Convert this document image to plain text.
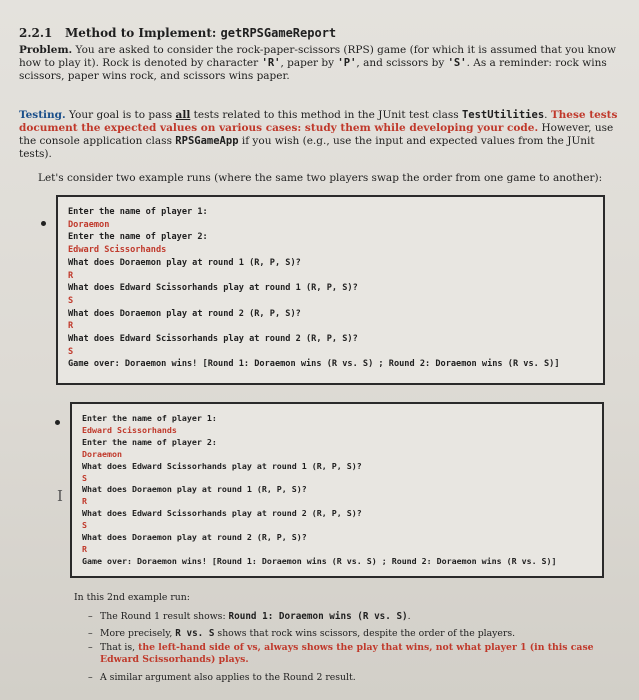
2.2.1 Method to Implement: getRPSGameReport
Problem. You are asked to consider the rock-paper-scissors (RPS) game (for which it is assumed that you know how to play it). Rock is denoted by character 'R', paper by 'P', and scissors by 'S'. As a reminder: rock wins scissors, paper wins rock, and scissors wins paper.
Testing. Your goal is to pass all tests related to this method in the JUnit test class TestUtilities. These tests document the expected values on various cases: study them while developing your code. However, use the console application class RPSGameApp if you wish (e.g., use the input and expected values from the JUnit tests).
Let's consider two example runs (where the same two players swap the order from one game to another):
Enter the name of player 1:
Doraemon
Enter the name of player 2:
Edward Scissorhands
What does Doraemon play at round 1 (R, P, S)?
R
What does Edward Scissorhands play at round 1 (R, P, S)?
S
What does Doraemon play at round 2 (R, P, S)?
R
What does Edward Scissorhands play at round 2 (R, P, S)?
S
Game over: Doraemon wins! [Round 1: Doraemon wins (R vs. S) ; Round 2: Doraemon wins (R vs. S)]
Enter the name of player 1:
Edward Scissorhands
Enter the name of player 2:
Doraemon
What does Edward Scissorhands play at round 1 (R, P, S)?
S
What does Doraemon play at round 1 (R, P, S)?
R
What does Edward Scissorhands play at round 2 (R, P, S)?
S
What does Doraemon play at round 2 (R, P, S)?
R
Game over: Doraemon wins! [Round 1: Doraemon wins (R vs. S) ; Round 2: Doraemon wins (R vs. S)]
Ι
In this 2nd example run:
– The Round 1 result shows: Round 1: Doraemon wins (R vs. S).
– More precisely, R vs. S shows that rock wins scissors, despite the order of the players.
– That is, the left-hand side of vs, always shows the play that wins, not what player 1 (in this case Edward Scissorhands) plays.
– A similar argument also applies to the Round 2 result.
